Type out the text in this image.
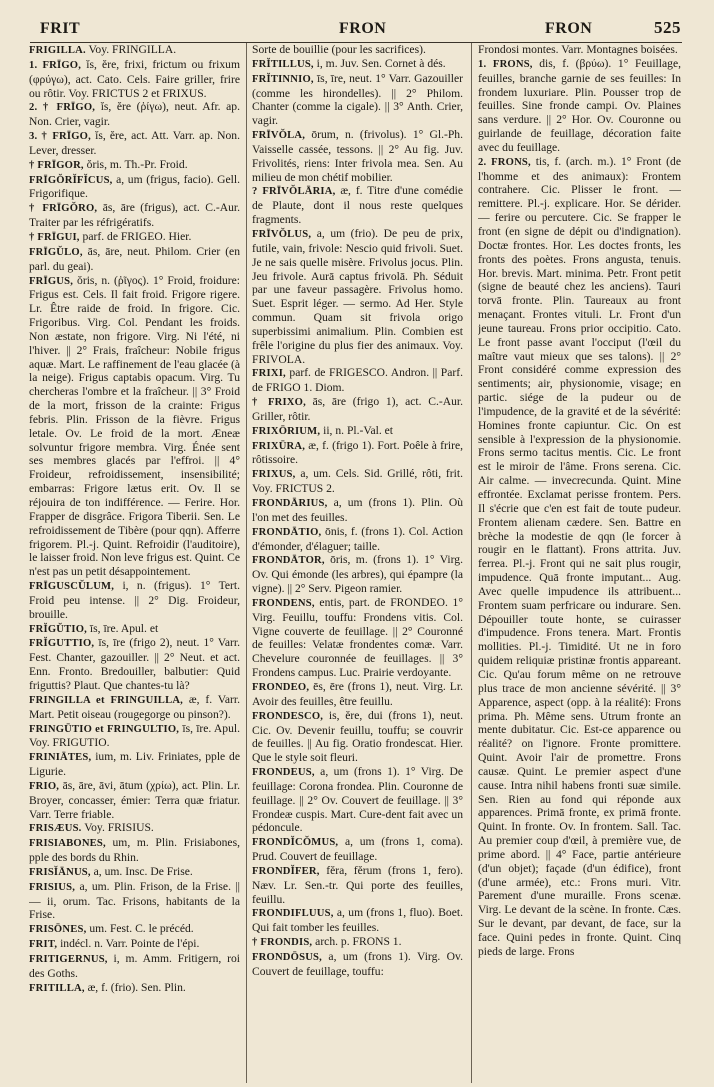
FRIT	FRON	FRON	525

FRIGILLA. Voy. FRINGILLA.

1. FRĪGO, ĭs, ĕre, frixi, frictum ou frixum (φρύγω), act. Cato. Cels. Faire griller, frire ou rôtir. Voy. FRICTUS 2 et FRIXUS.

2. † FRĪGO, ĭs, ĕre (ῥίγω), neut. Afr. ap. Non. Crier, vagir.

3. † FRĪGO, ĭs, ĕre, act. Att. Varr. ap. Non. Lever, dresser.

† FRĪGOR, ŏris, m. Th.-Pr. Froid.

FRĪGŎRĬFĬCUS, a, um (frigus, facio). Gell. Frigorifique.

† FRĪGŎRO, ās, āre (frigus), act. C.-Aur. Traiter par les réfrigératifs.

† FRĪGUI, parf. de FRIGEO. Hier.

FRĪGŬLO, ās, āre, neut. Philom. Crier (en parl. du geai).

FRĪGUS, ŏris, n. (ῥῖγος). 1° Froid, froidure: Frigus est. Cels. Il fait froid. Frigore rigere. Lr. Être raide de froid. In frigore. Cic. Frigoribus. Virg. Col. Pendant les froids. Non æstate, non frigore. Virg. Ni l'été, ni l'hiver. || 2° Frais, fraîcheur: Nobile frigus aquæ. Mart. Le raffinement de l'eau glacée (à la neige). Frigus captabis opacum. Virg. Tu chercheras l'ombre et la fraîcheur. || 3° Froid de la mort, frisson de la crainte: Frigus febris. Plin. Frisson de la fièvre. Frigus letale. Ov. Le froid de la mort. Æneæ solvuntur frigore membra. Virg. Énée sent ses membres glacés par l'effroi. || 4° Froideur, refroidissement, insensibilité; embarras: Frigore lætus erit. Ov. Il se réjouira de ton indifférence. — Ferire. Hor. Frapper de disgrâce. Frigora Tiberii. Sen. Le refroidissement de Tibère (pour qqn). Afferre frigorem. Pl.-j. Quint. Refroidir (l'auditoire), le laisser froid. Non leve frigus est. Quint. Ce n'est pas un petit désappointement.

FRĪGUSCŬLUM, i, n. (frigus). 1° Tert. Froid peu intense. || 2° Dig. Froideur, brouille.

FRĬGŬTIO, īs, īre. Apul. et

FRĬGUTTIO, īs, īre (frigo 2), neut. 1° Varr. Fest. Chanter, gazouiller. || 2° Neut. et act. Enn. Fronto. Bredouiller, balbutier: Quid friguttis? Plaut. Que chantes-tu là?

FRINGILLA et FRINGUILLA, æ, f. Varr. Mart. Petit oiseau (rougegorge ou pinson?).

FRINGŪTIO et FRINGULTIO, īs, īre. Apul. Voy. FRIGUTIO.

FRINIĀTES, ium, m. Liv. Friniates, pple de Ligurie.

FRIO, ās, āre, āvi, ātum (χρίω), act. Plin. Lr. Broyer, concasser, émier: Terra quæ friatur. Varr. Terre friable.

FRISÆUS. Voy. FRISIUS.

FRISIABONES, um, m. Plin. Frisiabones, pple des bords du Rhin.

FRISĬĀNUS, a, um. Insc. De Frise.

FRISIUS, a, um. Plin. Frison, de la Frise. || — ii, orum. Tac. Frisons, habitants de la Frise.

FRISŌNES, um. Fest. C. le précéd.

FRIT, indécl. n. Varr. Pointe de l'épi.

FRITIGERNUS, i, m. Amm. Fritigern, roi des Goths.

FRITILLA, æ, f. (frio). Sen. Plin.

Sorte de bouillie (pour les sacrifices).

FRĬTILLUS, i, m. Juv. Sen. Cornet à dés.

FRĬTINNIO, īs, īre, neut. 1° Varr. Gazouiller (comme les hirondelles). || 2° Philom. Chanter (comme la cigale). || 3° Anth. Crier, vagir.

FRĪVŎLA, ōrum, n. (frivolus). 1° Gl.-Ph. Vaisselle cassée, tessons. || 2° Au fig. Juv. Frivolités, riens: Inter frivola mea. Sen. Au milieu de mon chétif mobilier.

? FRĪVŎLĀRIA, æ, f. Titre d'une comédie de Plaute, dont il nous reste quelques fragments.

FRĪVŎLUS, a, um (frio). De peu de prix, futile, vain, frivole: Nescio quid frivoli. Suet. Je ne sais quelle misère. Frivolus jocus. Plin. Jeu frivole. Aurā captus frivolā. Ph. Séduit par une faveur passagère. Frivolus homo. Suet. Esprit léger. — sermo. Ad Her. Style commun. Quam sit frivola origo superbissimi animalium. Plin. Combien est frêle l'origine du plus fier des animaux. Voy. FRIVOLA.

FRIXI, parf. de FRIGESCO. Andron. || Parf. de FRIGO 1. Diom.

† FRIXO, ās, āre (frigo 1), act. C.-Aur. Griller, rôtir.

FRIXŌRIUM, ii, n. Pl.-Val. et

FRIXŪRA, æ, f. (frigo 1). Fort. Poêle à frire, rôtissoire.

FRIXUS, a, um. Cels. Sid. Grillé, rôti, frit. Voy. FRICTUS 2.

FRONDĀRIUS, a, um (frons 1). Plin. Où l'on met des feuilles.

FRONDĀTIO, ōnis, f. (frons 1). Col. Action d'émonder, d'élaguer; taille.

FRONDĀTOR, ōris, m. (frons 1). 1° Virg. Ov. Qui émonde (les arbres), qui épampre (la vigne). || 2° Serv. Pigeon ramier.

FRONDENS, entis, part. de FRONDEO. 1° Virg. Feuillu, touffu: Frondens vitis. Col. Vigne couverte de feuillage. || 2° Couronné de feuilles: Velatæ frondentes comæ. Varr. Chevelure couronnée de feuillages. || 3° Frondens campus. Luc. Prairie verdoyante.

FRONDEO, ēs, ēre (frons 1), neut. Virg. Lr. Avoir des feuilles, être feuillu.

FRONDESCO, is, ĕre, dui (frons 1), neut. Cic. Ov. Devenir feuillu, touffu; se couvrir de feuilles. || Au fig. Oratio frondescat. Hier. Que le style soit fleuri.

FRONDEUS, a, um (frons 1). 1° Virg. De feuillage: Corona frondea. Plin. Couronne de feuillage. || 2° Ov. Couvert de feuillage. || 3° Frondeæ cuspis. Mart. Cure-dent fait avec un pédoncule.

FRONDĬCŎMUS, a, um (frons 1, coma). Prud. Couvert de feuillage.

FRONDĬFER, fĕra, fĕrum (frons 1, fero). Næv. Lr. Sen.-tr. Qui porte des feuilles, feuillu.

FRONDIFLUUS, a, um (frons 1, fluo). Boet. Qui fait tomber les feuilles.

† FRONDIS, arch. p. FRONS 1.

FRONDŌSUS, a, um (frons 1). Virg. Ov. Couvert de feuillage, touffu:

Frondosi montes. Varr. Montagnes boisées.

1. FRONS, dis, f. (βρύω). 1° Feuillage, feuilles, branche garnie de ses feuilles: In frondem luxuriare. Plin. Pousser trop de feuilles. Sine fronde campi. Ov. Plaines sans verdure. || 2° Hor. Ov. Couronne ou guirlande de feuillage, décoration faite avec du feuillage.

2. FRONS, tis, f. (arch. m.). 1° Front (de l'homme et des animaux): Frontem contrahere. Cic. Plisser le front. — remittere. Pl.-j. explicare. Hor. Se dérider. — ferire ou percutere. Cic. Se frapper le front (en signe de dépit ou d'indignation). Doctæ frontes. Hor. Les doctes fronts, les fronts des poètes. Frons angusta, tenuis. Hor. brevis. Mart. minima. Petr. Front petit (signe de beauté chez les anciens). Tauri torvā fronte. Plin. Taureaux au front menaçant. Frontes vituli. Lr. Front d'un jeune taureau. Frons prior occipitio. Cato. Le front passe avant l'occiput (l'œil du maître vaut mieux que ses talons). || 2° Front considéré comme expression des sentiments; air, physionomie, visage; en partic. siége de la pudeur ou de l'impudence, de la gravité et de la sévérité: Homines fronte capiuntur. Cic. On est sensible à l'expression de la physionomie. Frons sermo tacitus mentis. Cic. Le front est le miroir de l'âme. Frons serena. Cic. Air calme. — invecrecunda. Quint. Mine effrontée. Exclamat perisse frontem. Pers. Il s'écrie que c'en est fait de toute pudeur. Frontem alienam cædere. Sen. Battre en brèche la modestie de qqn (le forcer à rougir en le flattant). Frons attrita. Juv. ferrea. Pl.-j. Front qui ne sait plus rougir, impudence. Quā fronte imputant... Aug. Avec quelle impudence ils attribuent... Frontem suam perfricare ou indurare. Sen. Dépouiller toute honte, se cuirasser d'impudence. Frons tenera. Mart. Frontis mollities. Pl.-j. Timidité. Ut ne in foro quidem reliquiæ pristinæ frontis appareant. Cic. Qu'au forum même on ne retrouve plus trace de mon ancienne sévérité. || 3° Apparence, aspect (opp. à la réalité): Frons prima. Ph. Même sens. Utrum fronte an mente dubitatur. Cic. Est-ce apparence ou réalité? on l'ignore. Fronte promittere. Quint. Avoir l'air de promettre. Frons causæ. Quint. Le premier aspect d'une cause. Intra nihil habens fronti suæ simile. Sen. Rien au fond qui réponde aux apparences. Primā fronte, ex primā fronte. Quint. In fronte. Ov. In frontem. Sall. Tac. Au premier coup d'œil, à première vue, de prime abord. || 4° Face, partie antérieure (d'un objet); façade (d'un édifice), front (d'une armée), etc.: Frons muri. Vitr. Parement d'une muraille. Frons scenæ. Virg. Le devant de la scène. In fronte. Cæs. Sur le devant, par devant, de face, sur la face. Quini pedes in fronte. Quint. Cinq pieds de large. Frons
